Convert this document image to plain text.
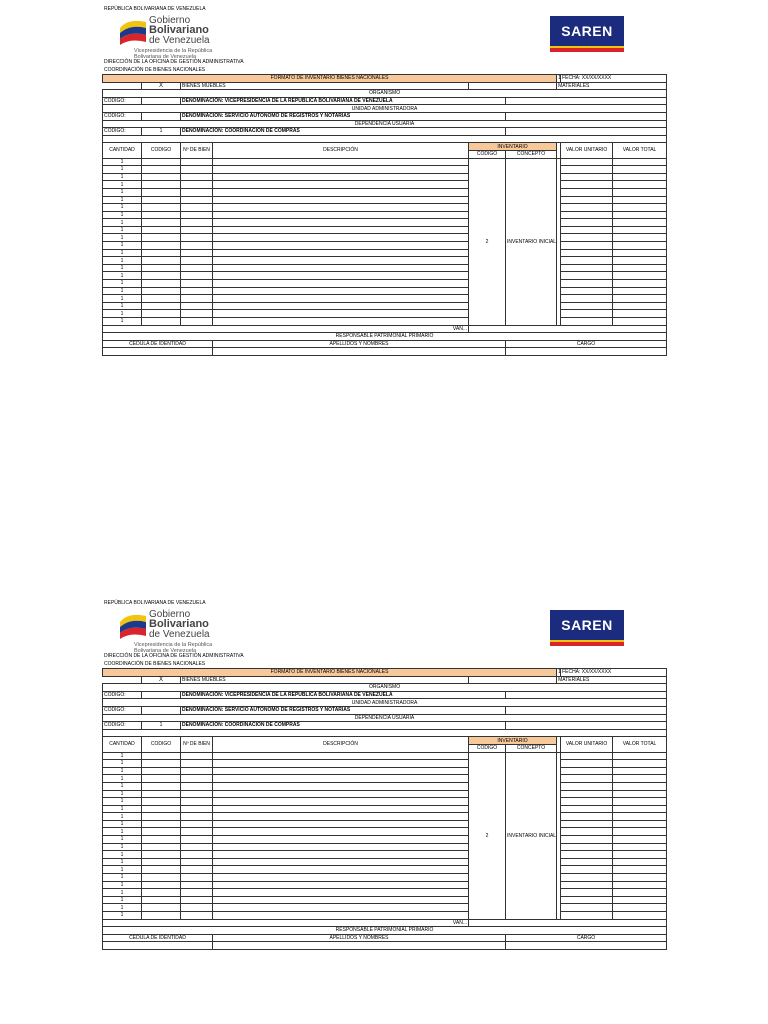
REPÚBLICA BOLIVARIANA DE VENEZUELA
Gobierno
Bolivariano
de Venezuela
Vicepresidencia de la República
Bolivariana de Venezuela
SAREN
DIRECCIÓN DE LA OFICINA DE GESTIÓN ADMINISTRATIVA
COORDINACIÓN DE BIENES NACIONALES
FORMATO DE INVENTARIO BIENES NACIONALES						1	FECHA: XX/XX/XXXX	
	X	BIENES MUEBLES				MATERIALES		
ORGANISMO								
CODIGO:		DENOMINACIÓN: VICEPRESIDENCIA DE LA REPUBLICA BOLIVARIANA DE VENEZUELA						
UNIDAD ADMINISTRADORA								
CODIGO:		DENOMINACION: SERVICIO AUTONOMO DE REGISTROS Y NOTARIAS						
DEPENDENCIA USUARIA								
CODIGO:	1	DENOMINACION: COORDINACION DE COMPRAS						

CANTIDAD	CODIGO	Nº DE BIEN	DESCRIPCIÓN	INVENTARIO			VALOR UNITARIO	VALOR TOTAL
				CODIGO	CONCEPTO			
1				2	INVENTARIO INICIAL			
1								
1								
1								
1								
1								
1								
1								
1								
1								
1								
1								
1								
1								
1								
1								
1								
1								
1								
1								
1								
1								
VAN...								
RESPONSABLE PATRIMONIAL PRIMARIO								
CEDULA DE IDENTIDAD			APELLIDOS Y NOMBRES		CARGO			

REPÚBLICA BOLIVARIANA DE VENEZUELA
Gobierno
Bolivariano
de Venezuela
Vicepresidencia de la República
Bolivariana de Venezuela
SAREN
DIRECCIÓN DE LA OFICINA DE GESTIÓN ADMINISTRATIVA
COORDINACIÓN DE BIENES NACIONALES
FORMATO DE INVENTARIO BIENES NACIONALES						1	FECHA: XX/XX/XXXX	
	X	BIENES MUEBLES				MATERIALES		
ORGANISMO								
CODIGO:		DENOMINACIÓN: VICEPRESIDENCIA DE LA REPUBLICA BOLIVARIANA DE VENEZUELA						
UNIDAD ADMINISTRADORA								
CODIGO:		DENOMINACION: SERVICIO AUTONOMO DE REGISTROS Y NOTARIAS						
DEPENDENCIA USUARIA								
CODIGO:	1	DENOMINACION: COORDINACION DE COMPRAS						

CANTIDAD	CODIGO	Nº DE BIEN	DESCRIPCIÓN	INVENTARIO			VALOR UNITARIO	VALOR TOTAL
				CODIGO	CONCEPTO			
1				2	INVENTARIO INICIAL			
1								
1								
1								
1								
1								
1								
1								
1								
1								
1								
1								
1								
1								
1								
1								
1								
1								
1								
1								
1								
1								
VAN...								
RESPONSABLE PATRIMONIAL PRIMARIO								
CEDULA DE IDENTIDAD			APELLIDOS Y NOMBRES		CARGO			
